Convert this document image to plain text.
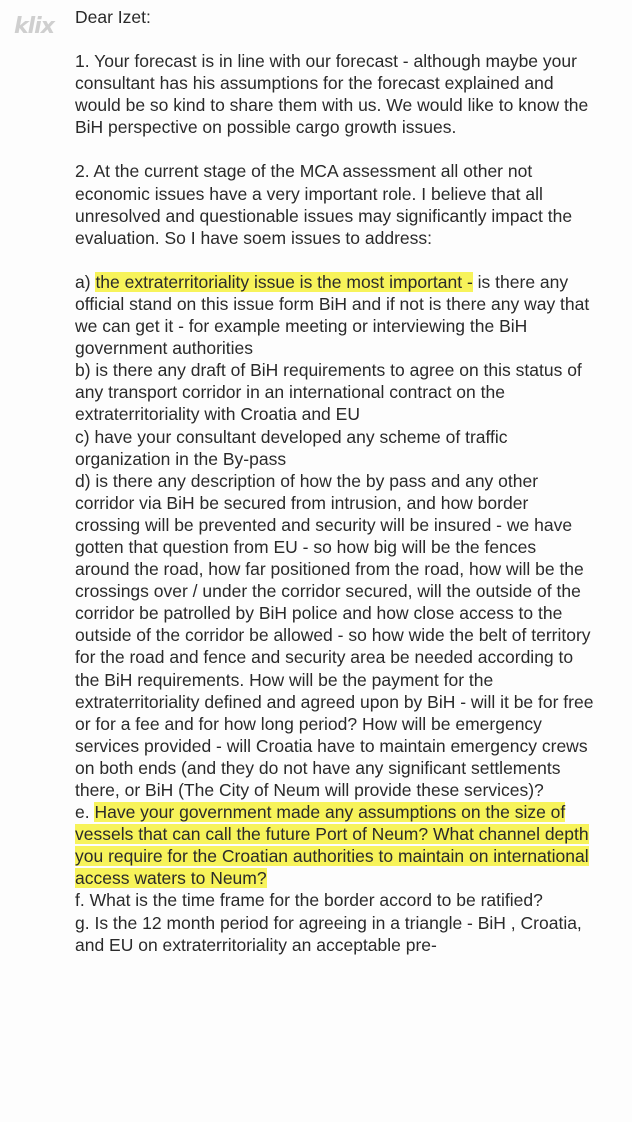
klix Dear Izet:

1. Your forecast is in line with our forecast - although maybe your consultant has his assumptions for the forecast explained and would be so kind to share them with us. We would like to know the BiH perspective on possible cargo growth issues.

2. At the current stage of the MCA assessment all other not economic issues have a very important role. I believe that all unresolved and questionable issues may significantly impact the evaluation. So I have soem issues to address:

a) the extraterritoriality issue is the most important - is there any official stand on this issue form BiH and if not is there any way that we can get it - for example meeting or interviewing the BiH government authorities

b) is there any draft of BiH requirements to agree on this status of any transport corridor in an international contract on the extraterritoriality with Croatia and EU

c) have your consultant developed any scheme of traffic organization in the By-pass

d) is there any description of how the by pass and any other corridor via BiH be secured from intrusion, and how border crossing will be prevented and security will be insured - we have gotten that question from EU - so how big will be the fences around the road, how far positioned from the road, how will be the crossings over / under the corridor secured, will the outside of the corridor be patrolled by BiH police and how close access to the outside of the corridor be allowed - so how wide the belt of territory for the road and fence and security area be needed according to the BiH requirements. How will be the payment for the extraterritoriality defined and agreed upon by BiH - will it be for free or for a fee and for how long period? How will be emergency services provided - will Croatia have to maintain emergency crews on both ends (and they do not have any significant settlements there, or BiH (The City of Neum will provide these services)?

e. Have your government made any assumptions on the size of vessels that can call the future Port of Neum? What channel depth you require for the Croatian authorities to maintain on international access waters to Neum?

f. What is the time frame for the border accord to be ratified?

g. Is the 12 month period for agreeing in a triangle - BiH , Croatia, and EU on extraterritoriality an acceptable pre-
